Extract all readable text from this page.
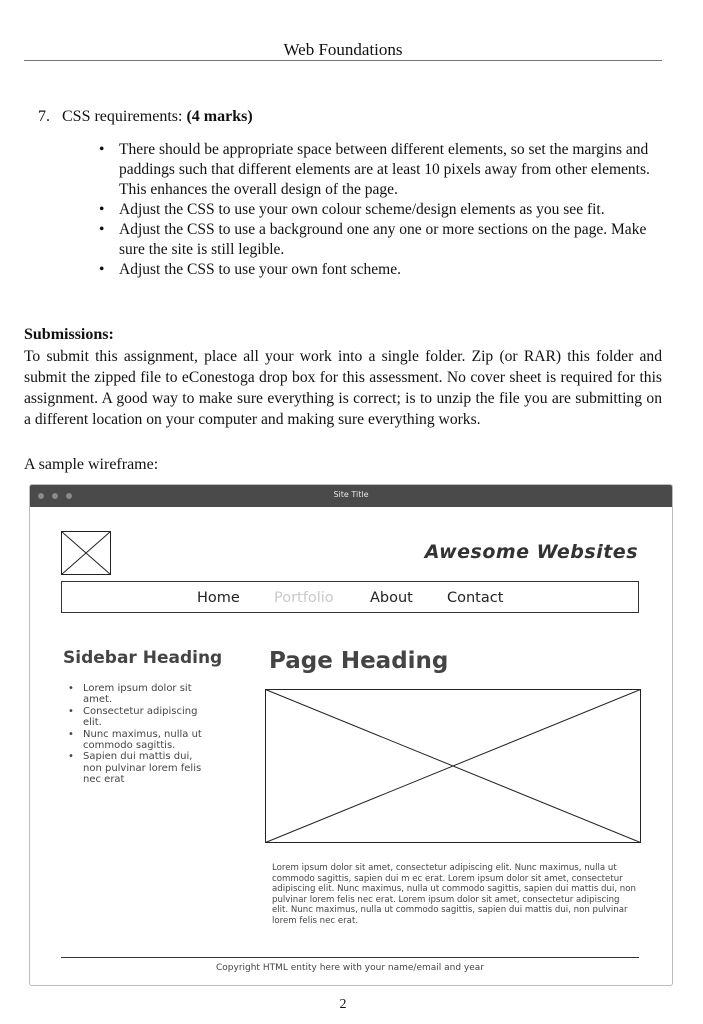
Web Foundations
7. CSS requirements: (4 marks)
• There should be appropriate space between different elements, so set the margins and paddings such that different elements are at least 10 pixels away from other elements. This enhances the overall design of the page.
• Adjust the CSS to use your own colour scheme/design elements as you see fit.
• Adjust the CSS to use a background one any one or more sections on the page. Make sure the site is still legible.
• Adjust the CSS to use your own font scheme.
Submissions:
To submit this assignment, place all your work into a single folder. Zip (or RAR) this folder and submit the zipped file to eConestoga drop box for this assessment. No cover sheet is required for this assignment. A good way to make sure everything is correct; is to unzip the file you are submitting on a different location on your computer and making sure everything works.
A sample wireframe:
Site Title
Awesome Websites
Home Portfolio	About Contact
Sidebar Heading
• Lorem ipsum dolor sit amet.
• Consectetur adipiscing elit.
• Nunc maximus, nulla ut commodo sagittis.
• Sapien dui mattis dui, non pulvinar lorem felis nec erat
Page Heading
Lorem ipsum dolor sit amet, consectetur adipiscing elit. Nunc maximus, nulla ut commodo sagittis, sapien dui m ec erat. Lorem ipsum dolor sit amet, consectetur adipiscing elit. Nunc maximus, nulla ut commodo sagittis, sapien dui mattis dui, non pulvinar lorem felis nec erat. Lorem ipsum dolor sit amet, consectetur adipiscing elit. Nunc maximus, nulla ut commodo sagittis, sapien dui mattis dui, non pulvinar lorem felis nec erat.
Copyright HTML entity here with your name/email and year
2
